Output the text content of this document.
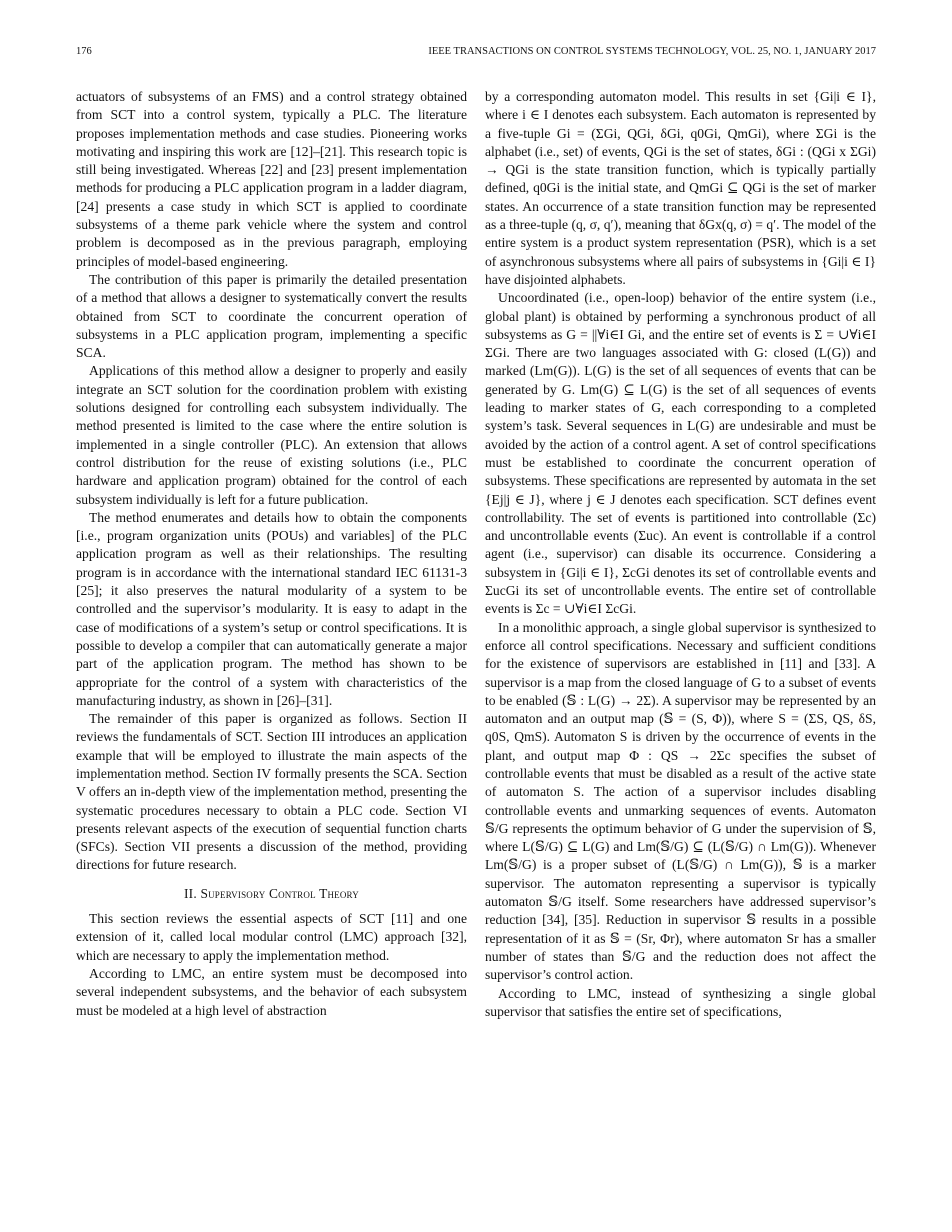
176	IEEE TRANSACTIONS ON CONTROL SYSTEMS TECHNOLOGY, VOL. 25, NO. 1, JANUARY 2017

actuators of subsystems of an FMS) and a control strategy obtained from SCT into a control system, typically a PLC. The literature proposes implementation methods and case studies. Pioneering works motivating and inspiring this work are [12]–[21]. This research topic is still being investigated. Whereas [22] and [23] present implementation methods for producing a PLC application program in a ladder diagram, [24] presents a case study in which SCT is applied to coordinate subsystems of a theme park vehicle where the system and control problem is decomposed as in the previous paragraph, employing principles of model-based engineering.

The contribution of this paper is primarily the detailed presentation of a method that allows a designer to systematically convert the results obtained from SCT to coordinate the concurrent operation of subsystems in a PLC application program, implementing a specific SCA.

Applications of this method allow a designer to properly and easily integrate an SCT solution for the coordination problem with existing solutions designed for controlling each subsystem individually. The method presented is limited to the case where the entire solution is implemented in a single controller (PLC). An extension that allows control distribution for the reuse of existing solutions (i.e., PLC hardware and application program) obtained for the control of each subsystem individually is left for a future publication.

The method enumerates and details how to obtain the components [i.e., program organization units (POUs) and variables] of the PLC application program as well as their relationships. The resulting program is in accordance with the international standard IEC 61131-3 [25]; it also preserves the natural modularity of a system to be controlled and the supervisor’s modularity. It is easy to adapt in the case of modifications of a system’s setup or control specifications. It is possible to develop a compiler that can automatically generate a major part of the application program. The method has shown to be appropriate for the control of a system with characteristics of the manufacturing industry, as shown in [26]–[31].

The remainder of this paper is organized as follows. Section II reviews the fundamentals of SCT. Section III introduces an application example that will be employed to illustrate the main aspects of the implementation method. Section IV formally presents the SCA. Section V offers an in-depth view of the implementation method, presenting the systematic procedures necessary to obtain a PLC code. Section VI presents relevant aspects of the execution of sequential function charts (SFCs). Section VII presents a discussion of the method, providing directions for future research.

II. Supervisory Control Theory

This section reviews the essential aspects of SCT [11] and one extension of it, called local modular control (LMC) approach [32], which are necessary to apply the implementation method.

According to LMC, an entire system must be decomposed into several independent subsystems, and the behavior of each subsystem must be modeled at a high level of abstraction

by a corresponding automaton model. This results in set {Gi|i ∈ I}, where i ∈ I denotes each subsystem. Each automaton is represented by a five-tuple Gi = (ΣGi, QGi, δGi, q0Gi, QmGi), where ΣGi is the alphabet (i.e., set) of events, QGi is the set of states, δGi : (QGi x ΣGi) → QGi is the state transition function, which is typically partially defined, q0Gi is the initial state, and QmGi ⊆ QGi is the set of marker states. An occurrence of a state transition function may be represented as a three-tuple (q, σ, q′), meaning that δGx(q, σ) = q′. The model of the entire system is a product system representation (PSR), which is a set of asynchronous subsystems where all pairs of subsystems in {Gi|i ∈ I} have disjointed alphabets.

Uncoordinated (i.e., open-loop) behavior of the entire system (i.e., global plant) is obtained by performing a synchronous product of all subsystems as G = ||∀i∈I Gi, and the entire set of events is Σ = ∪∀i∈I ΣGi. There are two languages associated with G: closed (L(G)) and marked (Lm(G)). L(G) is the set of all sequences of events that can be generated by G. Lm(G) ⊆ L(G) is the set of all sequences of events leading to marker states of G, each corresponding to a completed system’s task. Several sequences in L(G) are undesirable and must be avoided by the action of a control agent. A set of control specifications must be established to coordinate the concurrent operation of subsystems. These specifications are represented by automata in the set {Ej|j ∈ J}, where j ∈ J denotes each specification. SCT defines event controllability. The set of events is partitioned into controllable (Σc) and uncontrollable events (Σuc). An event is controllable if a control agent (i.e., supervisor) can disable its occurrence. Considering a subsystem in {Gi|i ∈ I}, ΣcGi denotes its set of controllable events and ΣucGi its set of uncontrollable events. The entire set of controllable events is Σc = ∪∀i∈I ΣcGi.

In a monolithic approach, a single global supervisor is synthesized to enforce all control specifications. Necessary and sufficient conditions for the existence of supervisors are established in [11] and [33]. A supervisor is a map from the closed language of G to a subset of events to be enabled (𝕊 : L(G) → 2Σ). A supervisor may be represented by an automaton and an output map (𝕊 = (S, Φ)), where S = (ΣS, QS, δS, q0S, QmS). Automaton S is driven by the occurrence of events in the plant, and output map Φ : QS → 2Σc specifies the subset of controllable events that must be disabled as a result of the active state of automaton S. The action of a supervisor includes disabling controllable events and unmarking sequences of events. Automaton 𝕊/G represents the optimum behavior of G under the supervision of 𝕊, where L(𝕊/G) ⊆ L(G) and Lm(𝕊/G) ⊆ (L(𝕊/G) ∩ Lm(G)). Whenever Lm(𝕊/G) is a proper subset of (L(𝕊/G) ∩ Lm(G)), 𝕊 is a marker supervisor. The automaton representing a supervisor is typically automaton 𝕊/G itself. Some researchers have addressed supervisor’s reduction [34], [35]. Reduction in supervisor 𝕊 results in a possible representation of it as 𝕊 = (Sr, Φr), where automaton Sr has a smaller number of states than 𝕊/G and the reduction does not affect the supervisor’s control action.

According to LMC, instead of synthesizing a single global supervisor that satisfies the entire set of specifications,
